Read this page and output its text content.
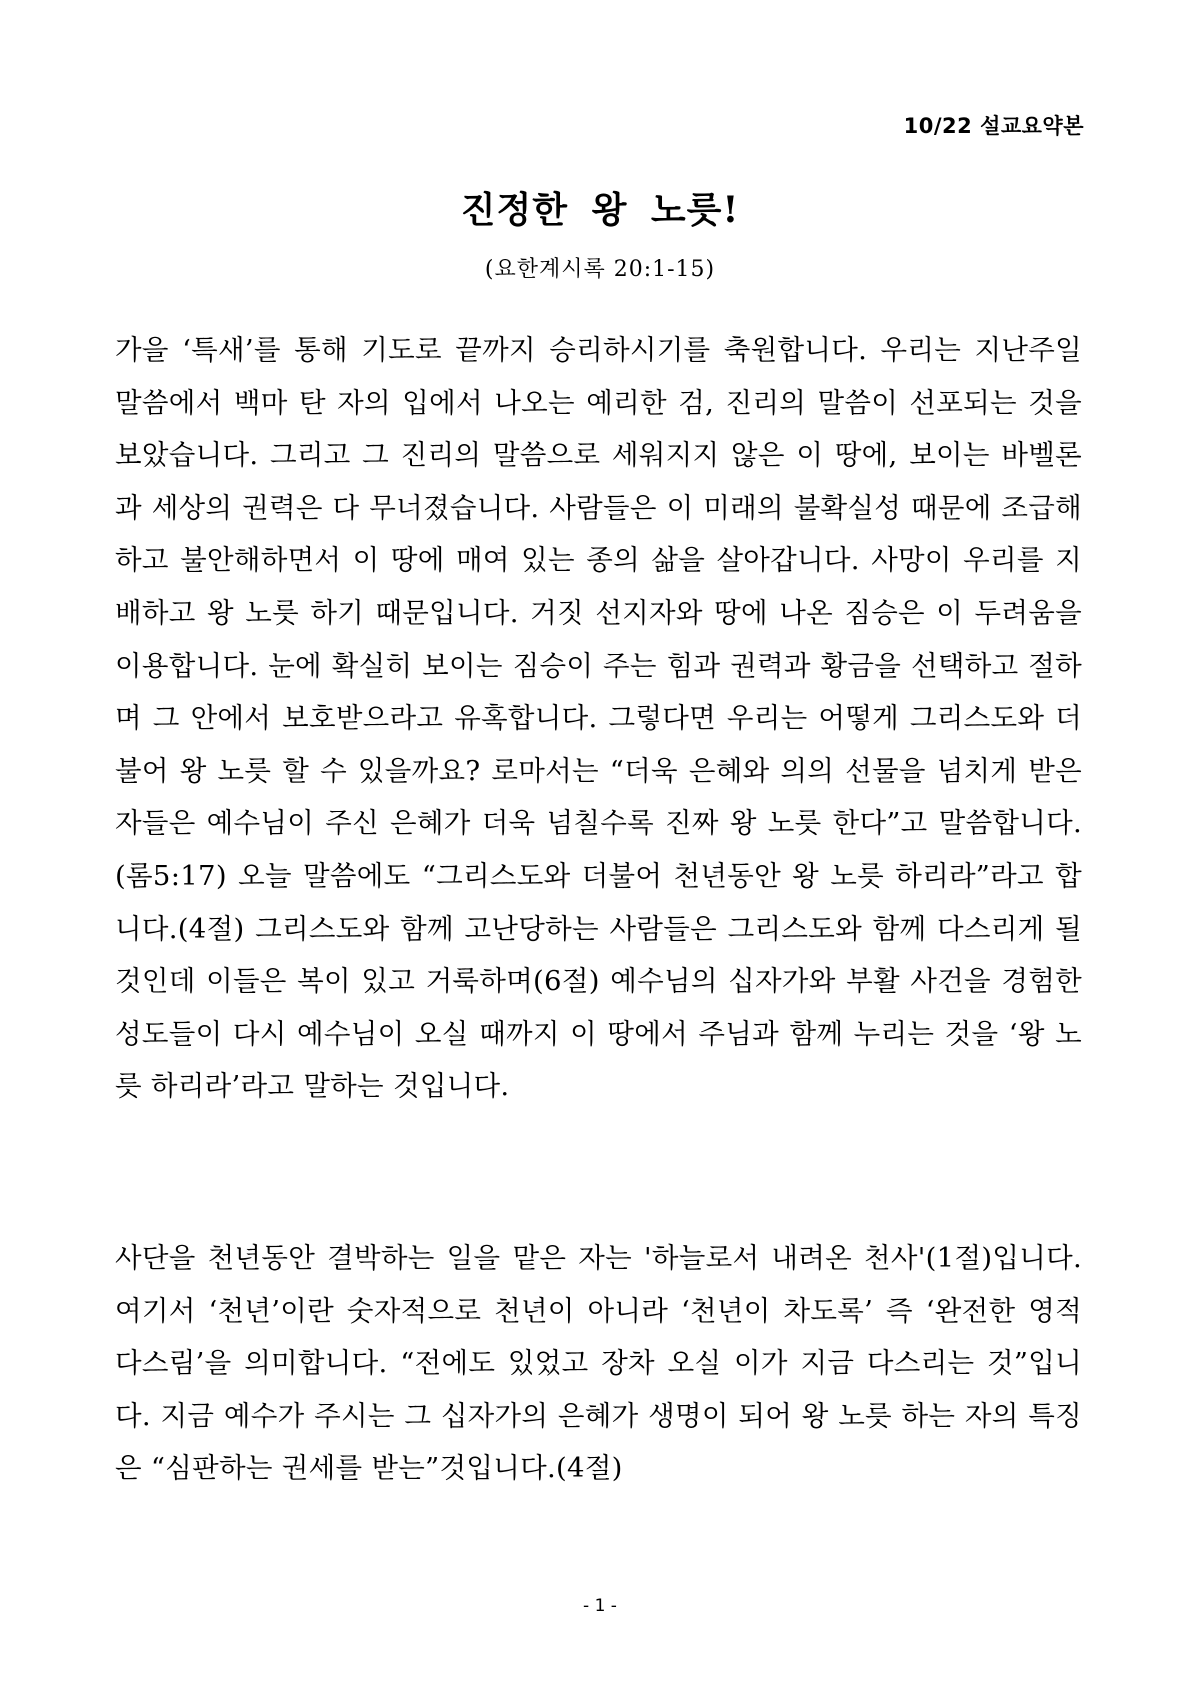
10/22 설교요약본
진정한 왕 노릇!
(요한계시록 20:1-15)

가을 ‘특새’를 통해 기도로 끝까지 승리하시기를 축원합니다. 우리는 지난주일 말씀에서 백마 탄 자의 입에서 나오는 예리한 검, 진리의 말씀이 선포되는 것을 보았습니다. 그리고 그 진리의 말씀으로 세워지지 않은 이 땅에, 보이는 바벨론과 세상의 권력은 다 무너졌습니다. 사람들은 이 미래의 불확실성 때문에 조급해하고 불안해하면서 이 땅에 매여 있는 종의 삶을 살아갑니다. 사망이 우리를 지배하고 왕 노릇 하기 때문입니다. 거짓 선지자와 땅에 나온 짐승은 이 두려움을 이용합니다. 눈에 확실히 보이는 짐승이 주는 힘과 권력과 황금을 선택하고 절하며 그 안에서 보호받으라고 유혹합니다. 그렇다면 우리는 어떻게 그리스도와 더불어 왕 노릇 할 수 있을까요? 로마서는 “더욱 은혜와 의의 선물을 넘치게 받은 자들은 예수님이 주신 은혜가 더욱 넘칠수록 진짜 왕 노릇 한다”고 말씀합니다.(롬5:17) 오늘 말씀에도 “그리스도와 더불어 천년동안 왕 노릇 하리라”라고 합니다.(4절) 그리스도와 함께 고난당하는 사람들은 그리스도와 함께 다스리게 될 것인데 이들은 복이 있고 거룩하며(6절) 예수님의 십자가와 부활 사건을 경험한 성도들이 다시 예수님이 오실 때까지 이 땅에서 주님과 함께 누리는 것을 ‘왕 노릇 하리라’라고 말하는 것입니다.

사단을 천년동안 결박하는 일을 맡은 자는 '하늘로서 내려온 천사'(1절)입니다. 여기서 ‘천년’이란 숫자적으로 천년이 아니라 ‘천년이 차도록’ 즉 ‘완전한 영적 다스림’을 의미합니다. “전에도 있었고 장차 오실 이가 지금 다스리는 것”입니다. 지금 예수가 주시는 그 십자가의 은혜가 생명이 되어 왕 노릇 하는 자의 특징은 “심판하는 권세를 받는”것입니다.(4절)

- 1 -
